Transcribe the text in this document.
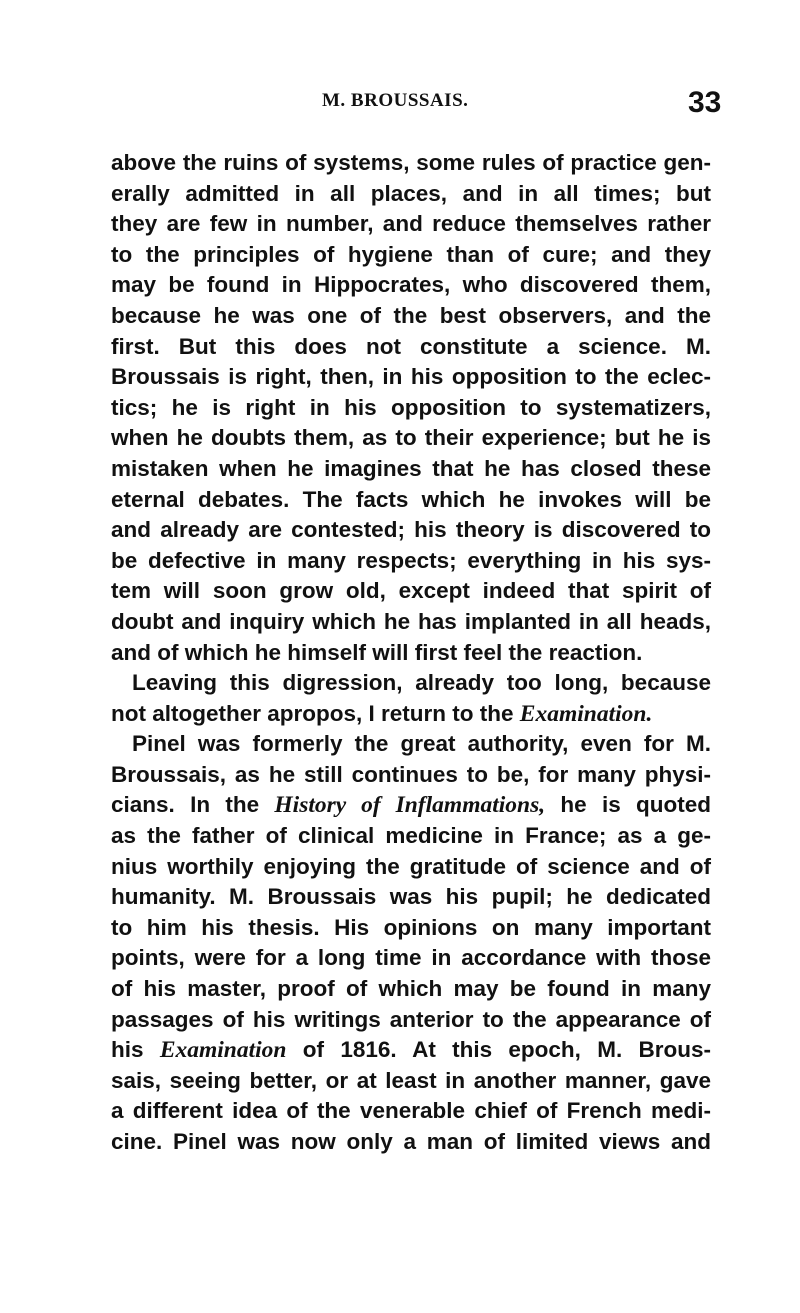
M. BROUSSAIS.	33
above the ruins of systems, some rules of practice gen-
erally admitted in all places, and in all times; but
they are few in number, and reduce themselves rather
to the principles of hygiene than of cure; and they
may be found in Hippocrates, who discovered them,
because he was one of the best observers, and the
first. But this does not constitute a science. M.
Broussais is right, then, in his opposition to the eclec-
tics; he is right in his opposition to systematizers,
when he doubts them, as to their experience; but he is
mistaken when he imagines that he has closed these
eternal debates. The facts which he invokes will be
and already are contested; his theory is discovered to
be defective in many respects; everything in his sys-
tem will soon grow old, except indeed that spirit of
doubt and inquiry which he has implanted in all heads,
and of which he himself will first feel the reaction.
Leaving this digression, already too long, because
not altogether apropos, I return to the Examination.
Pinel was formerly the great authority, even for M.
Broussais, as he still continues to be, for many physi-
cians. In the History of Inflammations, he is quoted
as the father of clinical medicine in France; as a ge-
nius worthily enjoying the gratitude of science and of
humanity. M. Broussais was his pupil; he dedicated
to him his thesis. His opinions on many important
points, were for a long time in accordance with those
of his master, proof of which may be found in many
passages of his writings anterior to the appearance of
his Examination of 1816. At this epoch, M. Brous-
sais, seeing better, or at least in another manner, gave
a different idea of the venerable chief of French medi-
cine. Pinel was now only a man of limited views and
